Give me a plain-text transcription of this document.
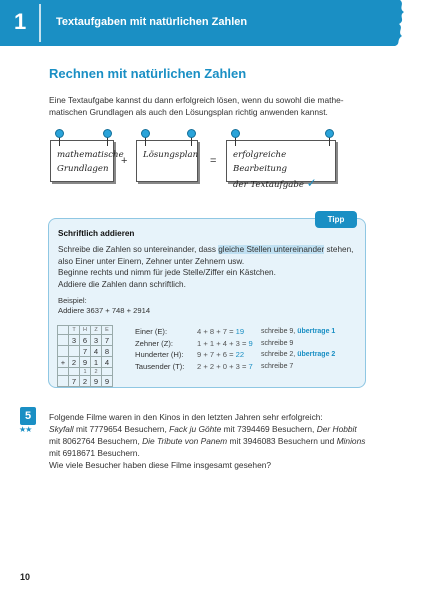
1	Textaufgaben mit natürlichen Zahlen
Rechnen mit natürlichen Zahlen
Eine Textaufgabe kannst du dann erfolgreich lösen, wenn du sowohl die mathe-
matischen Grundlagen als auch den Lösungsplan richtig anwenden kannst.
mathematische
Grundlagen
+ Lösungsplan = erfolgreiche Bearbeitung
der Textaufgabe ✓
Tipp
Schriftlich addieren
Schreibe die Zahlen so untereinander, dass gleiche Stellen untereinander stehen,
also Einer unter Einern, Zehner unter Zehnern usw.
Beginne rechts und nimm für jede Stelle/Ziffer ein Kästchen.
Addiere die Zahlen dann schriftlich.
Beispiel:
Addiere 3637 + 748 + 2914
	T	H	Z	E
	3	6	3	7
		7	4	8
+	2	9	1	4
		1	2	
	7	2	9	9
Einer (E):	4 + 8 + 7 = 19 schreibe 9, übertrage 1
Zehner (Z):	1 + 1 + 4 + 3 = 9 schreibe 9
Hunderter (H): 9 + 7 + 6 = 22 schreibe 2, übertrage 2
Tausender (T): 2 + 2 + 0 + 3 = 7 schreibe 7
5
★★
Folgende Filme waren in den Kinos in den letzten Jahren sehr erfolgreich:
Skyfall mit 7779654 Besuchern, Fack ju Göhte mit 7394469 Besuchern, Der Hobbit
mit 8062764 Besuchern, Die Tribute von Panem mit 3946083 Besuchern und Minions
mit 6918671 Besuchern.
Wie viele Besucher haben diese Filme insgesamt gesehen?
10
